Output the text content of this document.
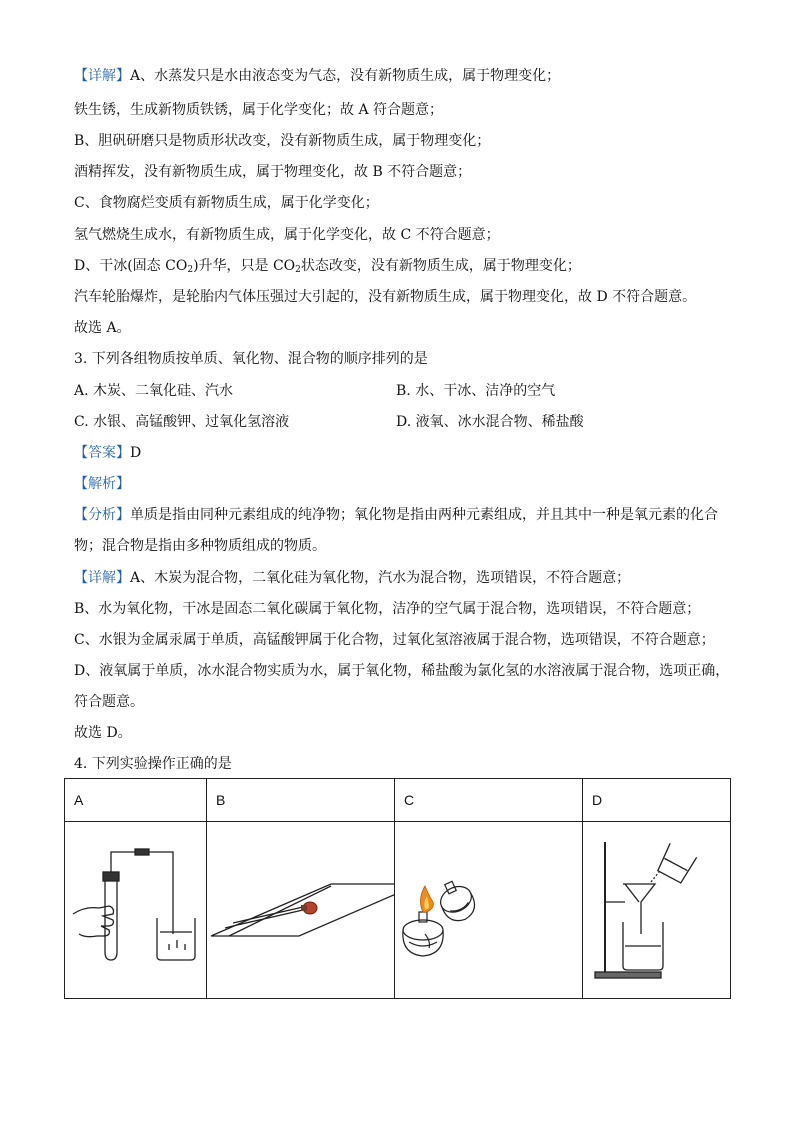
【详解】A、水蒸发只是水由液态变为气态，没有新物质生成，属于物理变化；
铁生锈，生成新物质铁锈，属于化学变化；故 A 符合题意；
B、胆矾研磨只是物质形状改变，没有新物质生成，属于物理变化；
酒精挥发，没有新物质生成，属于物理变化，故 B 不符合题意；
C、食物腐烂变质有新物质生成，属于化学变化；
氢气燃烧生成水，有新物质生成，属于化学变化，故 C 不符合题意；
D、干冰(固态 $CO_2$)升华，只是 $CO_2$状态改变，没有新物质生成，属于物理变化；
汽车轮胎爆炸，是轮胎内气体压强过大引起的，没有新物质生成，属于物理变化，故 D 不符合题意。
故选 A。
3. 下列各组物质按单质、氧化物、混合物的顺序排列的是
A. 木炭、二氧化硅、汽水	B. 水、干冰、洁净的空气
C. 水银、高锰酸钾、过氧化氢溶液	D. 液氧、冰水混合物、稀盐酸
【答案】D
【解析】
【分析】单质是指由同种元素组成的纯净物；氧化物是指由两种元素组成，并且其中一种是氧元素的化合
物；混合物是指由多种物质组成的物质。
【详解】A、木炭为混合物，二氧化硅为氧化物，汽水为混合物，选项错误，不符合题意；
B、水为氧化物，干冰是固态二氧化碳属于氧化物，洁净的空气属于混合物，选项错误，不符合题意；
C、水银为金属汞属于单质，高锰酸钾属于化合物，过氧化氢溶液属于混合物，选项错误，不符合题意；
D、液氧属于单质，冰水混合物实质为水，属于氧化物，稀盐酸为氯化氢的水溶液属于混合物，选项正确，
符合题意。
故选 D。
4. 下列实验操作正确的是
A	B	C	D
